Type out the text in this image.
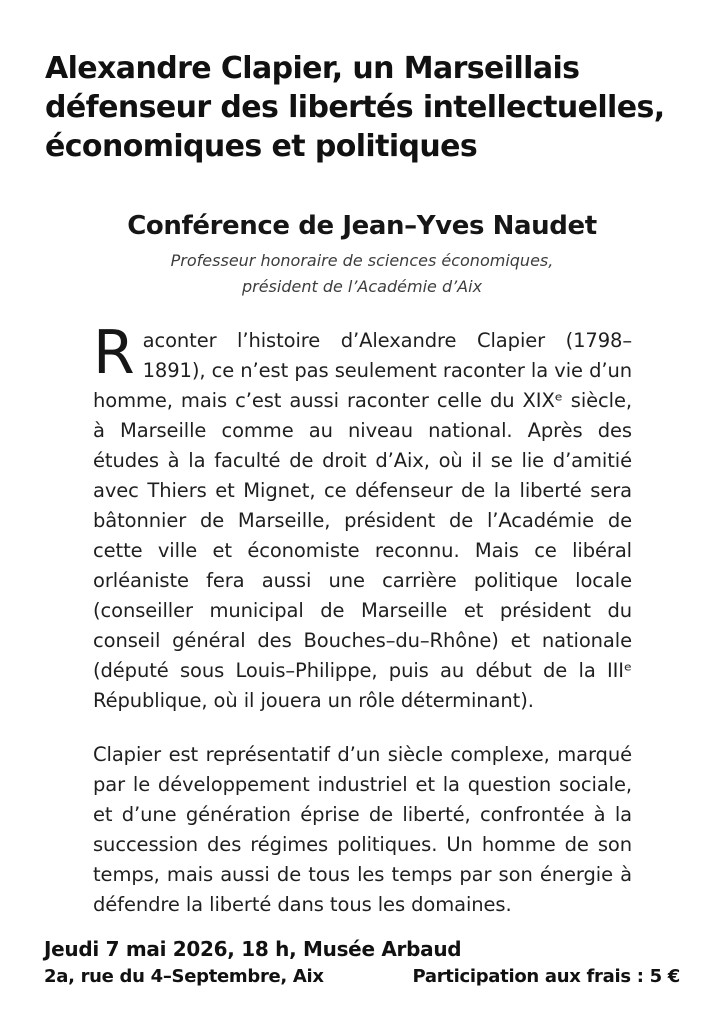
Alexandre Clapier, un Marseillais défenseur des libertés intellectuelles, économiques et politiques
Conférence de Jean–Yves Naudet
Professeur honoraire de sciences économiques,
président de l’Académie d’Aix

Raconter l’histoire d’Alexandre Clapier (1798–1891), ce n’est pas seulement raconter la vie d’un homme, mais c’est aussi raconter celle du XIXᵉ siècle, à Marseille comme au niveau national. Après des études à la faculté de droit d’Aix, où il se lie d’amitié avec Thiers et Mignet, ce défenseur de la liberté sera bâtonnier de Marseille, président de l’Académie de cette ville et économiste reconnu. Mais ce libéral orléaniste fera aussi une carrière politique locale (conseiller municipal de Marseille et président du conseil général des Bouches–du–Rhône) et nationale (député sous Louis–Philippe, puis au début de la IIIᵉ République, où il jouera un rôle déterminant).

Clapier est représentatif d’un siècle complexe, marqué par le développement industriel et la question sociale, et d’une génération éprise de liberté, confrontée à la succession des régimes politiques. Un homme de son temps, mais aussi de tous les temps par son énergie à défendre la liberté dans tous les domaines.

Jeudi 7 mai 2026, 18 h, Musée Arbaud
2a, rue du 4–Septembre, Aix	Participation aux frais : 5 €
